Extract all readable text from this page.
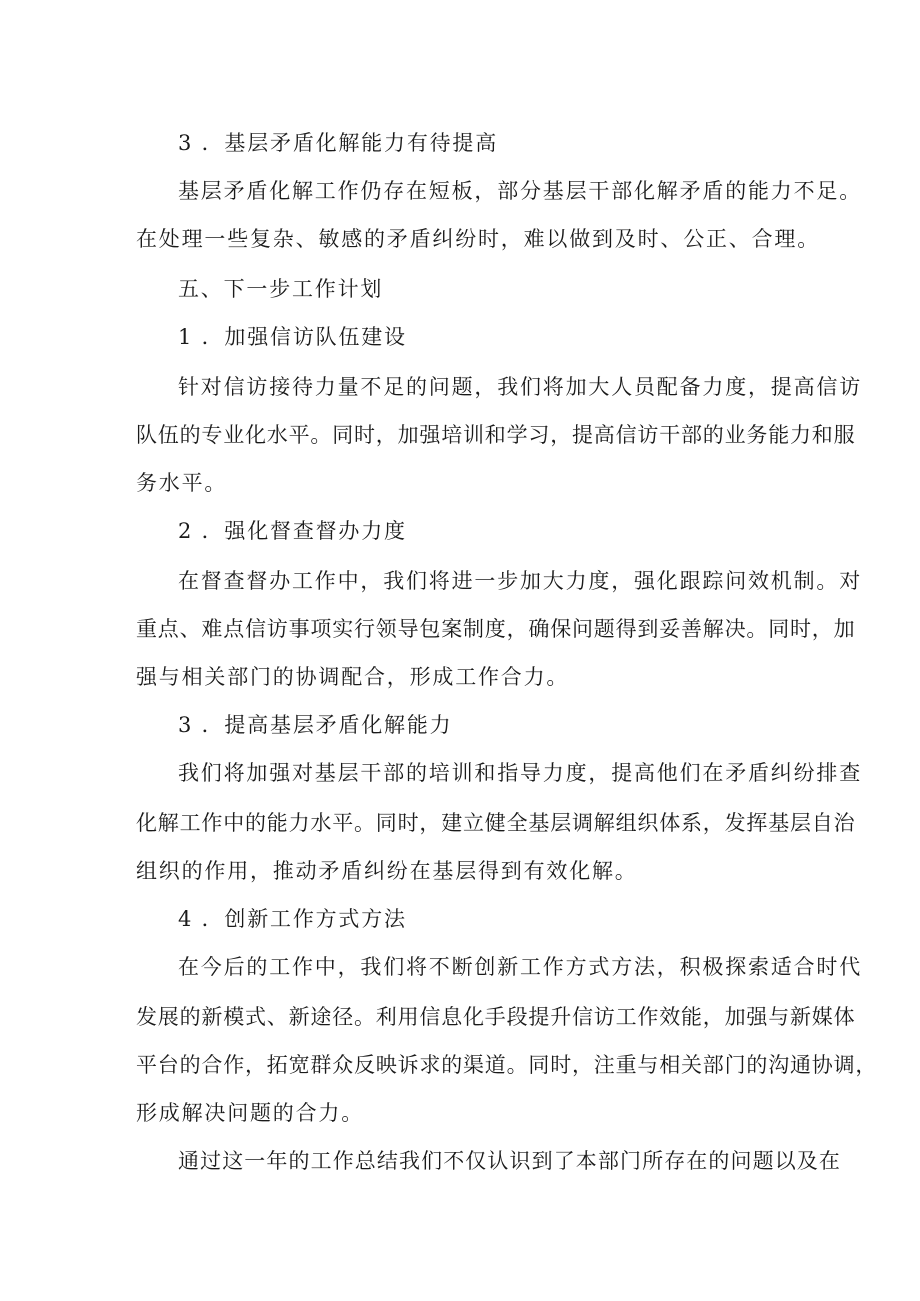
3 ．基层矛盾化解能力有待提高

基层矛盾化解工作仍存在短板，部分基层干部化解矛盾的能力不足。

在处理一些复杂、敏感的矛盾纠纷时，难以做到及时、公正、合理。

五、下一步工作计划

1 ．加强信访队伍建设

针对信访接待力量不足的问题，我们将加大人员配备力度，提高信访

队伍的专业化水平。同时，加强培训和学习，提高信访干部的业务能力和服

务水平。

2 ．强化督查督办力度

在督查督办工作中，我们将进一步加大力度，强化跟踪问效机制。对

重点、难点信访事项实行领导包案制度，确保问题得到妥善解决。同时，加

强与相关部门的协调配合，形成工作合力。

3 ．提高基层矛盾化解能力

我们将加强对基层干部的培训和指导力度，提高他们在矛盾纠纷排查

化解工作中的能力水平。同时，建立健全基层调解组织体系，发挥基层自治

组织的作用，推动矛盾纠纷在基层得到有效化解。

4 ．创新工作方式方法

在今后的工作中，我们将不断创新工作方式方法，积极探索适合时代

发展的新模式、新途径。利用信息化手段提升信访工作效能，加强与新媒体

平台的合作，拓宽群众反映诉求的渠道。同时，注重与相关部门的沟通协调，

形成解决问题的合力。

通过这一年的工作总结我们不仅认识到了本部门所存在的问题以及在
